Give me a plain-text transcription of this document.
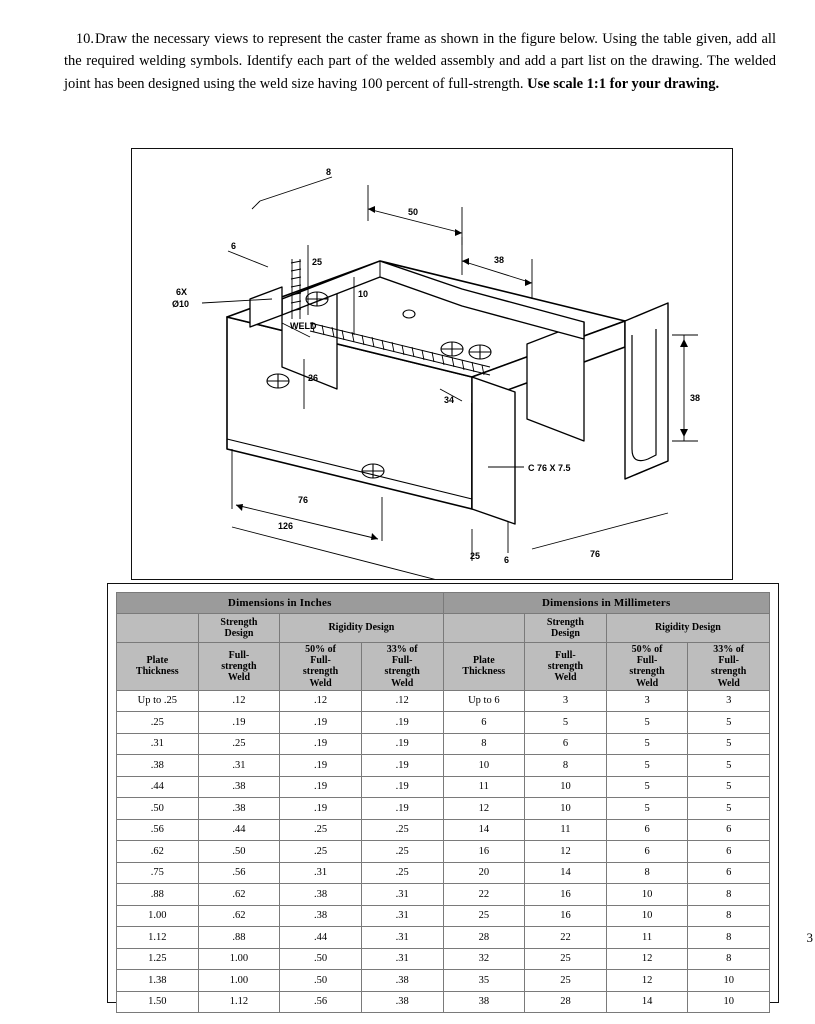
10. Draw the necessary views to represent the caster frame as shown in the figure below. Using the table given, add all the required welding symbols. Identify each part of the welded assembly and add a part list on the drawing. The welded joint has been designed using the weld size having 100 percent of full-strength. Use scale 1:1 for your drawing.
8
6
25
50
38
10
26
34	38
76
126
25	6
76
WELD
6X
Ø10
C 76 X 7.5
3
Dimensions in Inches				Dimensions in Millimeters			
	Strength
Design	Rigidity Design			Strength
Design	Rigidity Design	
Plate
Thickness	Full-
strength
Weld	50% of
Full-
strength
Weld	33% of
Full-
strength
Weld	Plate
Thickness	Full-
strength
Weld	50% of
Full-
strength
Weld	33% of
Full-
strength
Weld
Up to .25	.12	.12	.12	Up to 6	3	3	3
.25	.19	.19	.19	6	5	5	5
.31	.25	.19	.19	8	6	5	5
.38	.31	.19	.19	10	8	5	5
.44	.38	.19	.19	11	10	5	5
.50	.38	.19	.19	12	10	5	5
.56	.44	.25	.25	14	11	6	6
.62	.50	.25	.25	16	12	6	6
.75	.56	.31	.25	20	14	8	6
.88	.62	.38	.31	22	16	10	8
1.00	.62	.38	.31	25	16	10	8
1.12	.88	.44	.31	28	22	11	8
1.25	1.00	.50	.31	32	25	12	8
1.38	1.00	.50	.38	35	25	12	10
1.50	1.12	.56	.38	38	28	14	10
